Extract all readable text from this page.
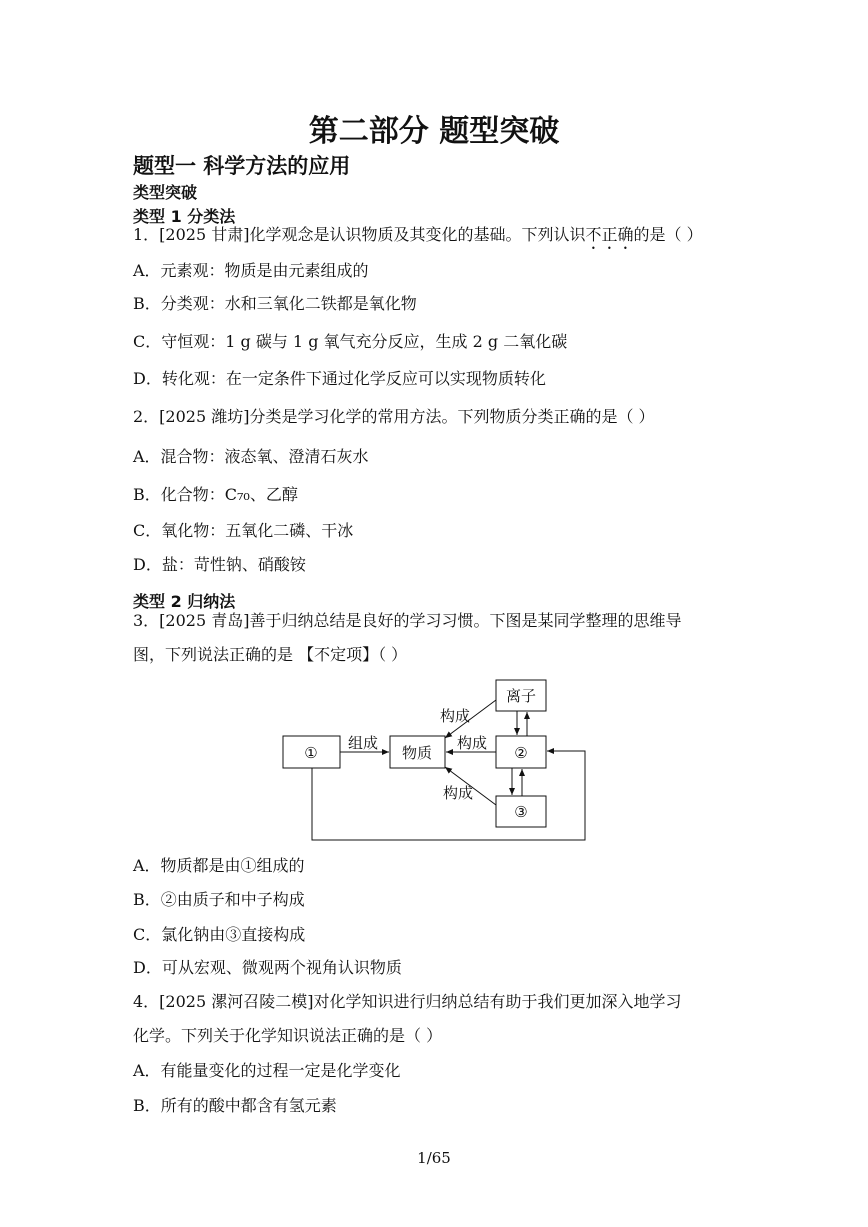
第二部分 题型突破
题型一 科学方法的应用
类型突破
类型 1 分类法
1．[2025 甘肃]化学观念是认识物质及其变化的基础。下列认识不正确的是（ ）
A．元素观：物质是由元素组成的
B．分类观：水和三氧化二铁都是氧化物
C．守恒观：1 g 碳与 1 g 氧气充分反应，生成 2 g 二氧化碳
D．转化观：在一定条件下通过化学反应可以实现物质转化
2．[2025 潍坊]分类是学习化学的常用方法。下列物质分类正确的是（ ）
A．混合物：液态氧、澄清石灰水
B．化合物：C₇₀、乙醇
C．氧化物：五氧化二磷、干冰
D．盐：苛性钠、硝酸铵
类型 2 归纳法
3．[2025 青岛]善于归纳总结是良好的学习习惯。下图是某同学整理的思维导
图，下列说法正确的是 【不定项】（ ）
①	物质	②
离子
③
组成
构成
构成
构成
A．物质都是由①组成的
B．②由质子和中子构成
C．氯化钠由③直接构成
D．可从宏观、微观两个视角认识物质
4．[2025 漯河召陵二模]对化学知识进行归纳总结有助于我们更加深入地学习
化学。下列关于化学知识说法正确的是（ ）
A．有能量变化的过程一定是化学变化
B．所有的酸中都含有氢元素
1/65
